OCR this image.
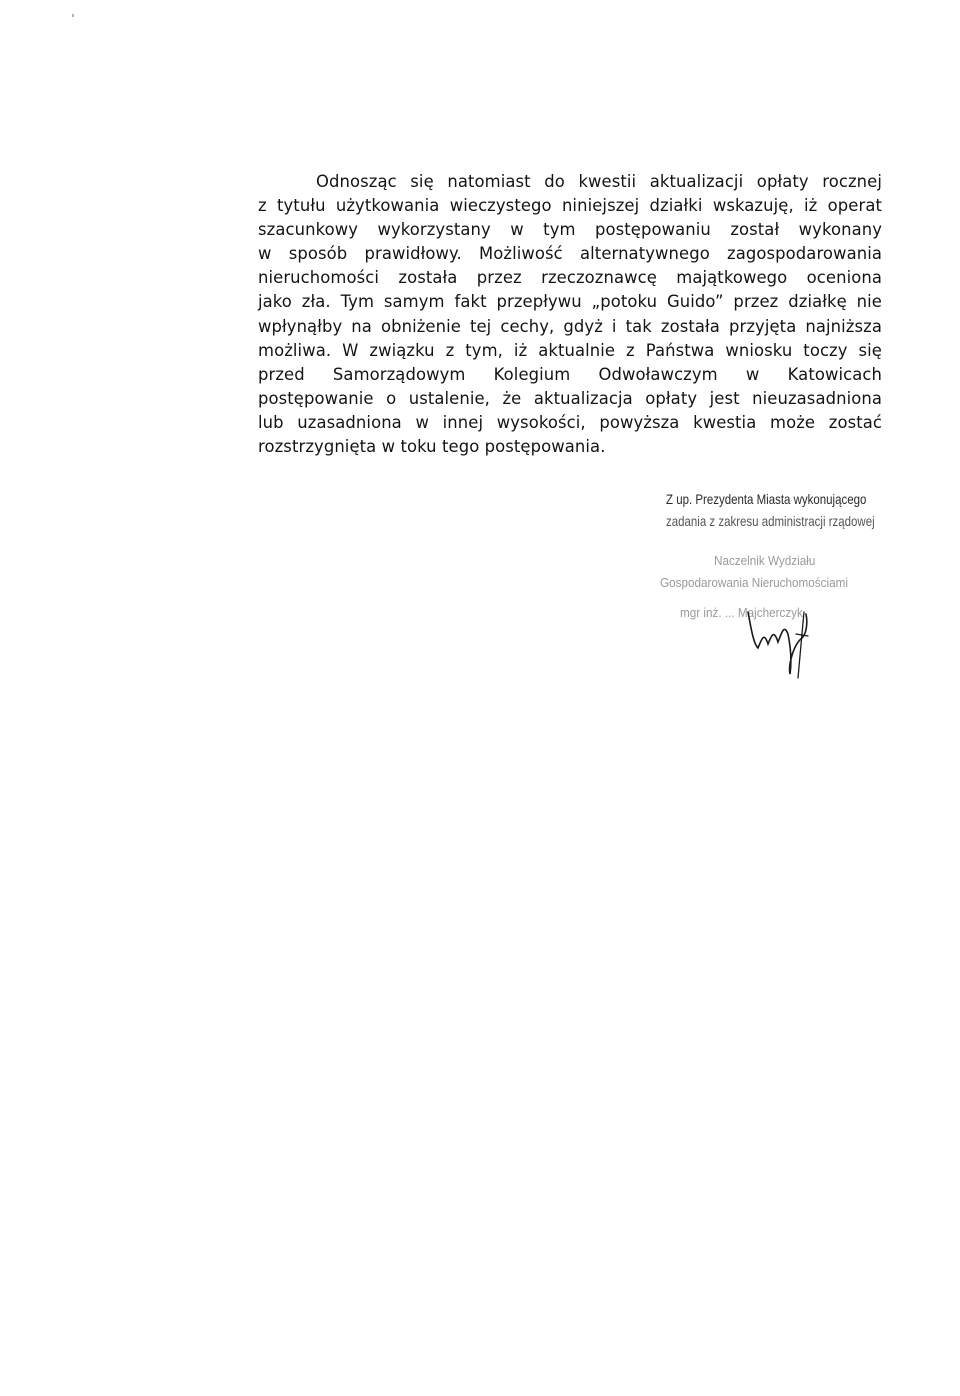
Odnosząc się natomiast do kwestii aktualizacji opłaty rocznej
z tytułu użytkowania wieczystego niniejszej działki wskazuję, iż operat
szacunkowy wykorzystany w tym postępowaniu został wykonany
w sposób prawidłowy. Możliwość alternatywnego zagospodarowania
nieruchomości została przez rzeczoznawcę majątkowego oceniona
jako zła. Tym samym fakt przepływu „potoku Guido” przez działkę nie
wpłynąłby na obniżenie tej cechy, gdyż i tak została przyjęta najniższa
możliwa. W związku z tym, iż aktualnie z Państwa wniosku toczy się
przed Samorządowym Kolegium Odwoławczym w Katowicach
postępowanie o ustalenie, że aktualizacja opłaty jest nieuzasadniona
lub uzasadniona w innej wysokości, powyższa kwestia może zostać
rozstrzygnięta w toku tego postępowania.
Z up. Prezydenta Miasta wykonującego
zadania z zakresu administracji rządowej
Naczelnik Wydziału
Gospodarowania Nieruchomościami
mgr inż. ... Majcherczyk
